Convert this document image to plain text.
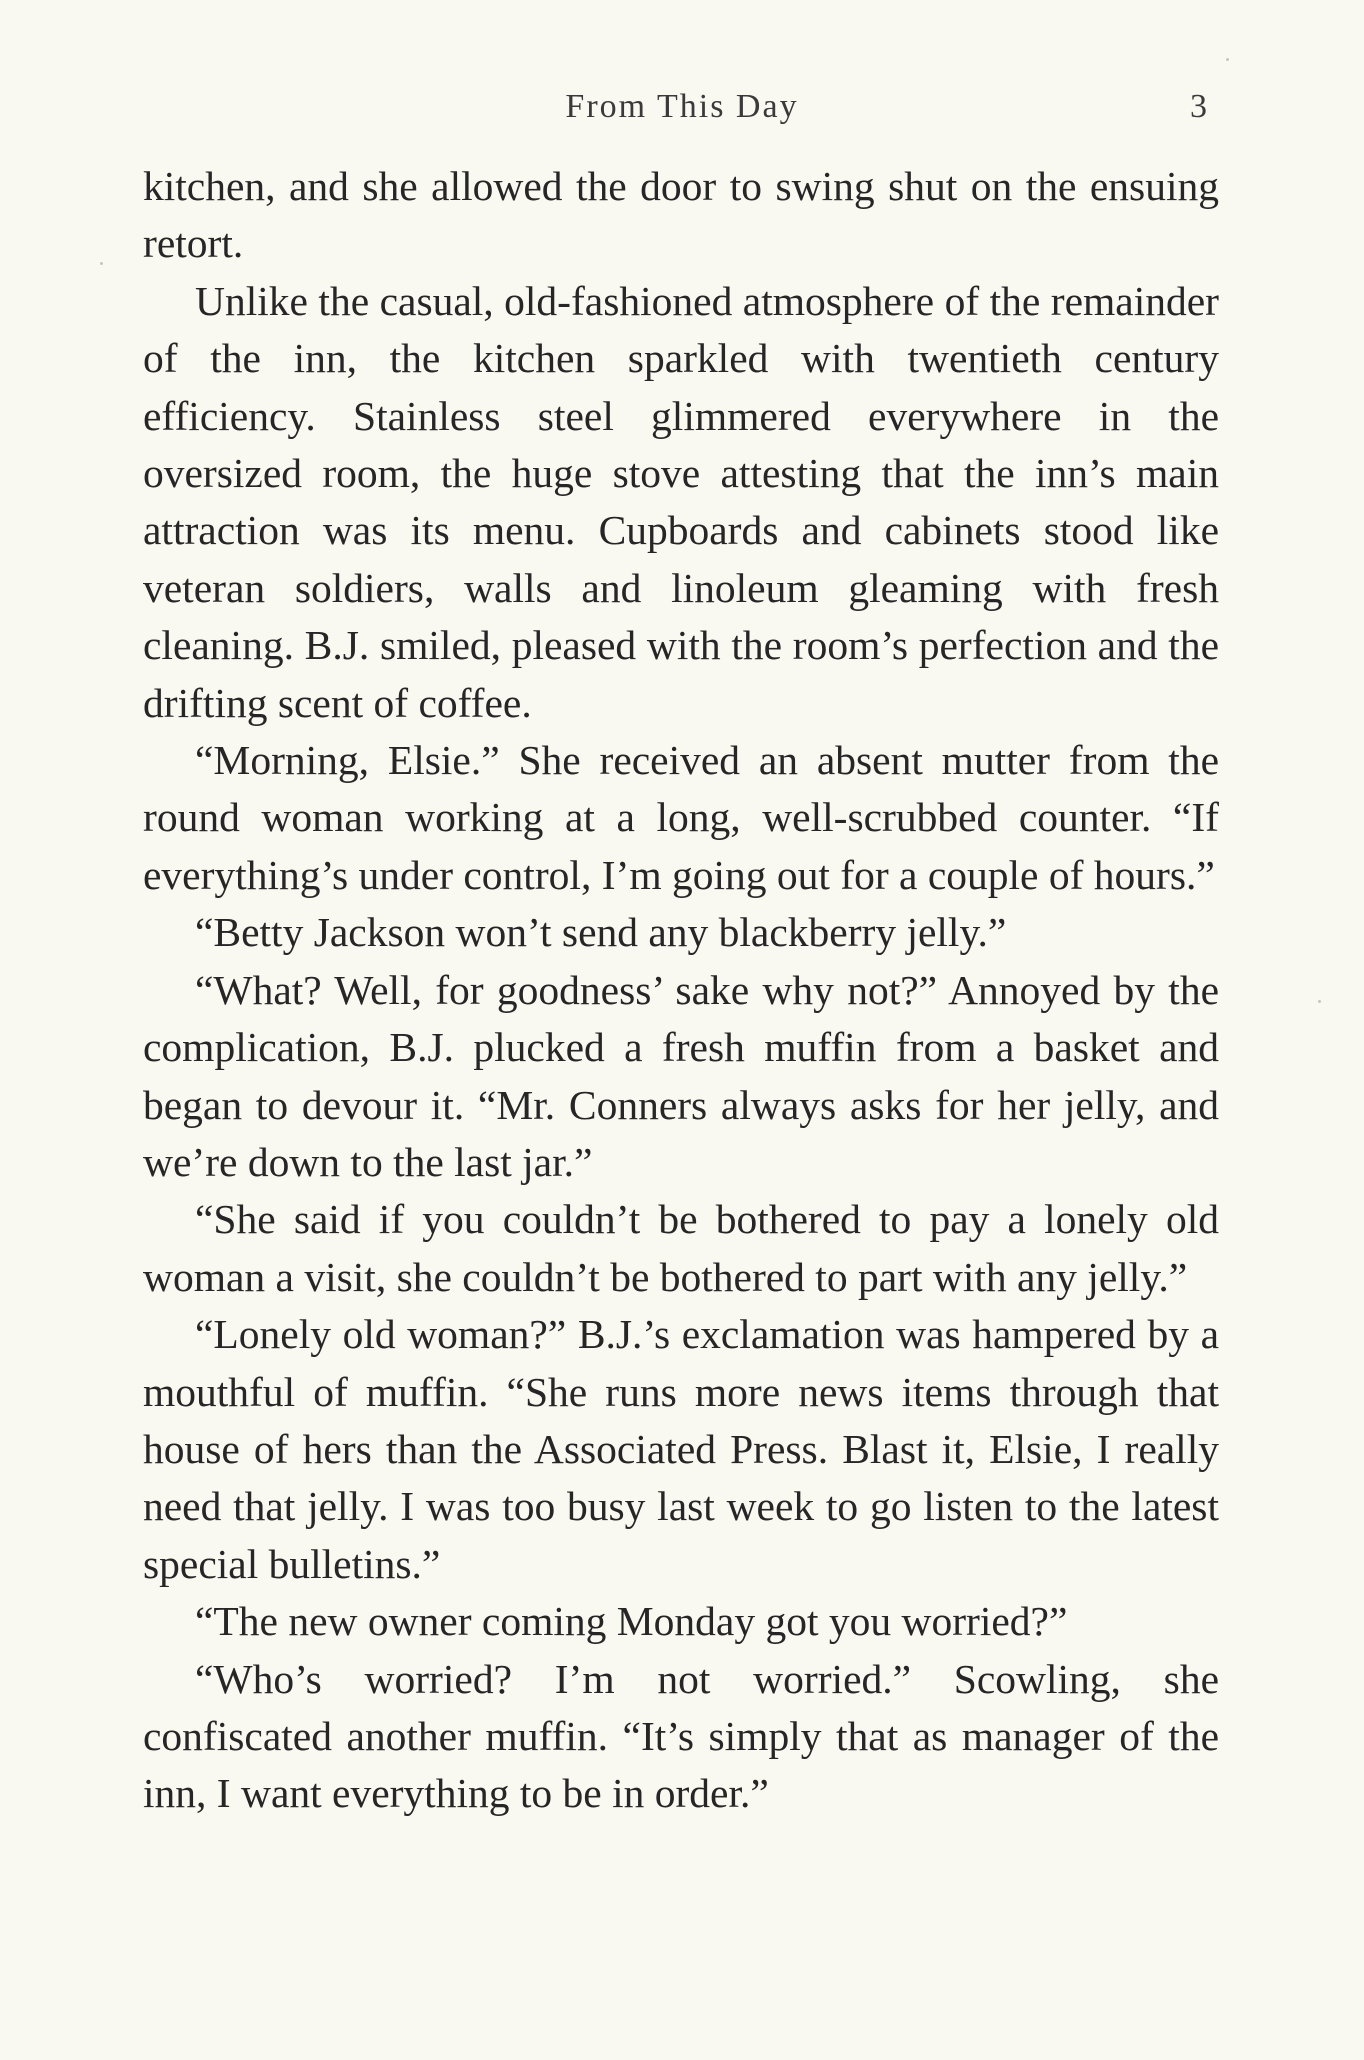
From This Day	3

kitchen, and she allowed the door to swing shut on the ensuing retort.

Unlike the casual, old-fashioned atmosphere of the remainder of the inn, the kitchen sparkled with twentieth century efficiency. Stainless steel glimmered everywhere in the oversized room, the huge stove attesting that the inn’s main attraction was its menu. Cupboards and cabinets stood like veteran soldiers, walls and linoleum gleaming with fresh cleaning. B.J. smiled, pleased with the room’s perfection and the drifting scent of coffee.

“Morning, Elsie.” She received an absent mutter from the round woman working at a long, well-scrubbed counter. “If everything’s under control, I’m going out for a couple of hours.”

“Betty Jackson won’t send any blackberry jelly.”

“What? Well, for goodness’ sake why not?” Annoyed by the complication, B.J. plucked a fresh muffin from a basket and began to devour it. “Mr. Conners always asks for her jelly, and we’re down to the last jar.”

“She said if you couldn’t be bothered to pay a lonely old woman a visit, she couldn’t be bothered to part with any jelly.”

“Lonely old woman?” B.J.’s exclamation was hampered by a mouthful of muffin. “She runs more news items through that house of hers than the Associated Press. Blast it, Elsie, I really need that jelly. I was too busy last week to go listen to the latest special bulletins.”

“The new owner coming Monday got you worried?”

“Who’s worried? I’m not worried.” Scowling, she confiscated another muffin. “It’s simply that as manager of the inn, I want everything to be in order.”
